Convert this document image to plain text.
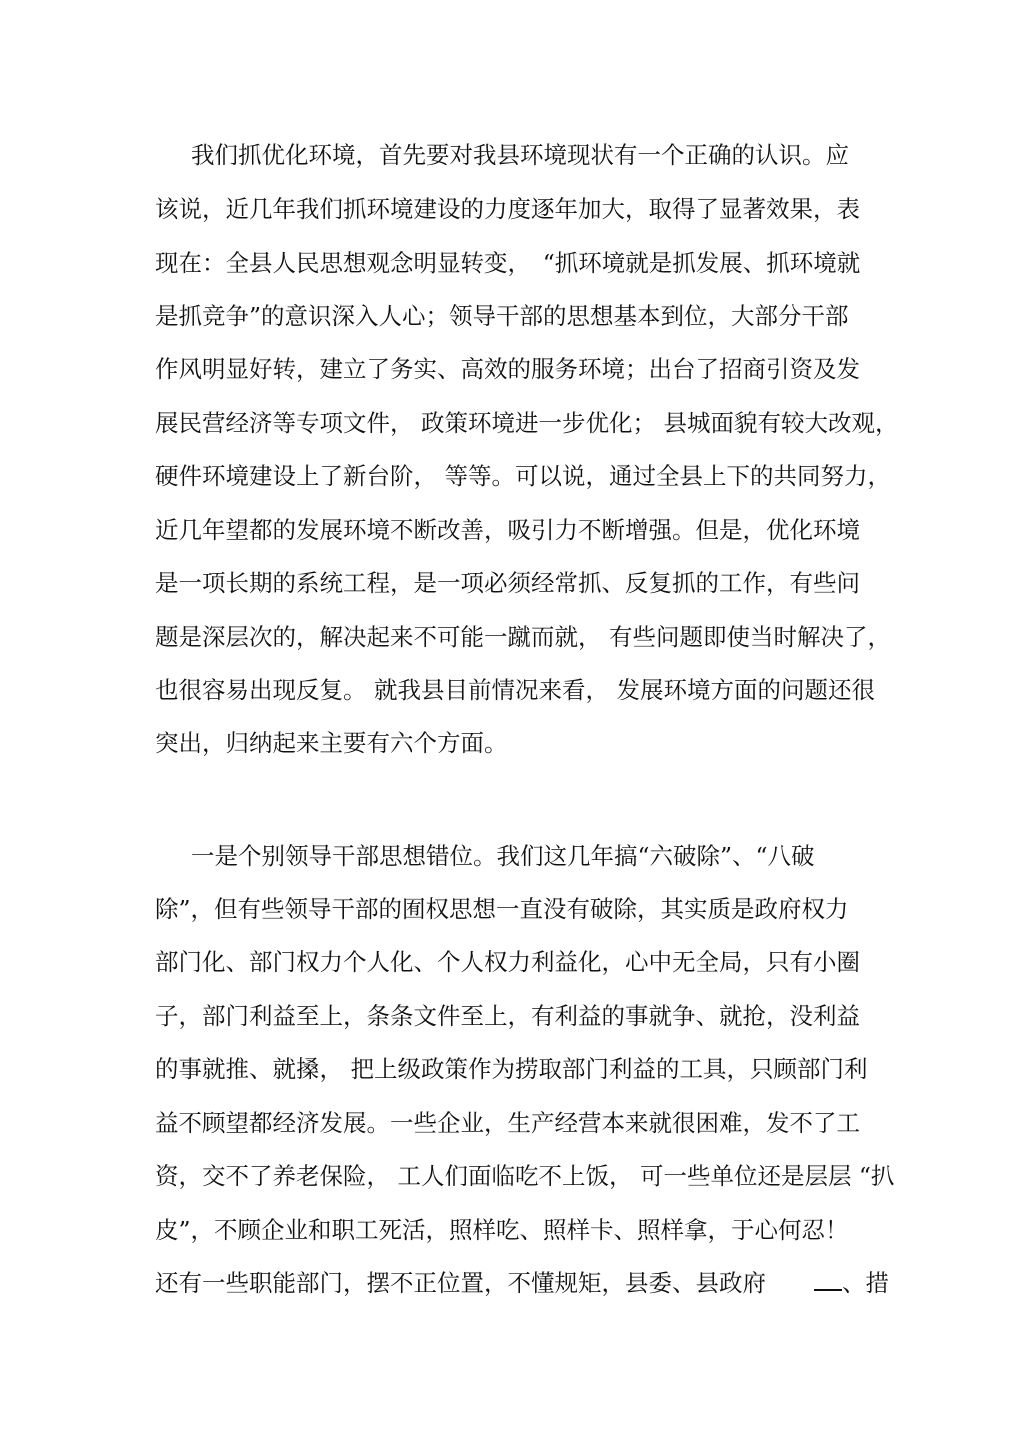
我们抓优化环境，首先要对我县环境现状有一个正确的认识。应
该说，近几年我们抓环境建设的力度逐年加大，取得了显著效果，表
现在：全县人民思想观念明显转变，　“抓环境就是抓发展、抓环境就
是抓竞争”的意识深入人心；领导干部的思想基本到位，大部分干部
作风明显好转，建立了务实、高效的服务环境；出台了招商引资及发
展民营经济等专项文件， 政策环境进一步优化； 县城面貌有较大改观，
硬件环境建设上了新台阶， 等等。可以说，通过全县上下的共同努力，
近几年望都的发展环境不断改善，吸引力不断增强。但是，优化环境
是一项长期的系统工程，是一项必须经常抓、反复抓的工作，有些问
题是深层次的，解决起来不可能一蹴而就， 有些问题即使当时解决了，
也很容易出现反复。 就我县目前情况来看， 发展环境方面的问题还很
突出，归纳起来主要有六个方面。
一是个别领导干部思想错位。我们这几年搞“六破除”、“八破
除”，但有些领导干部的囿权思想一直没有破除，其实质是政府权力
部门化、部门权力个人化、个人权力利益化，心中无全局，只有小圈
子，部门利益至上，条条文件至上，有利益的事就争、就抢，没利益
的事就推、就搡， 把上级政策作为捞取部门利益的工具，只顾部门利
益不顾望都经济发展。一些企业，生产经营本来就很困难，发不了工
资，交不了养老保险， 工人们面临吃不上饭， 可一些单位还是层层 “扒
皮”，不顾企业和职工死活，照样吃、照样卡、照样拿，于心何忍！
还有一些职能部门，摆不正位置，不懂规矩，县委、县政府	、措
